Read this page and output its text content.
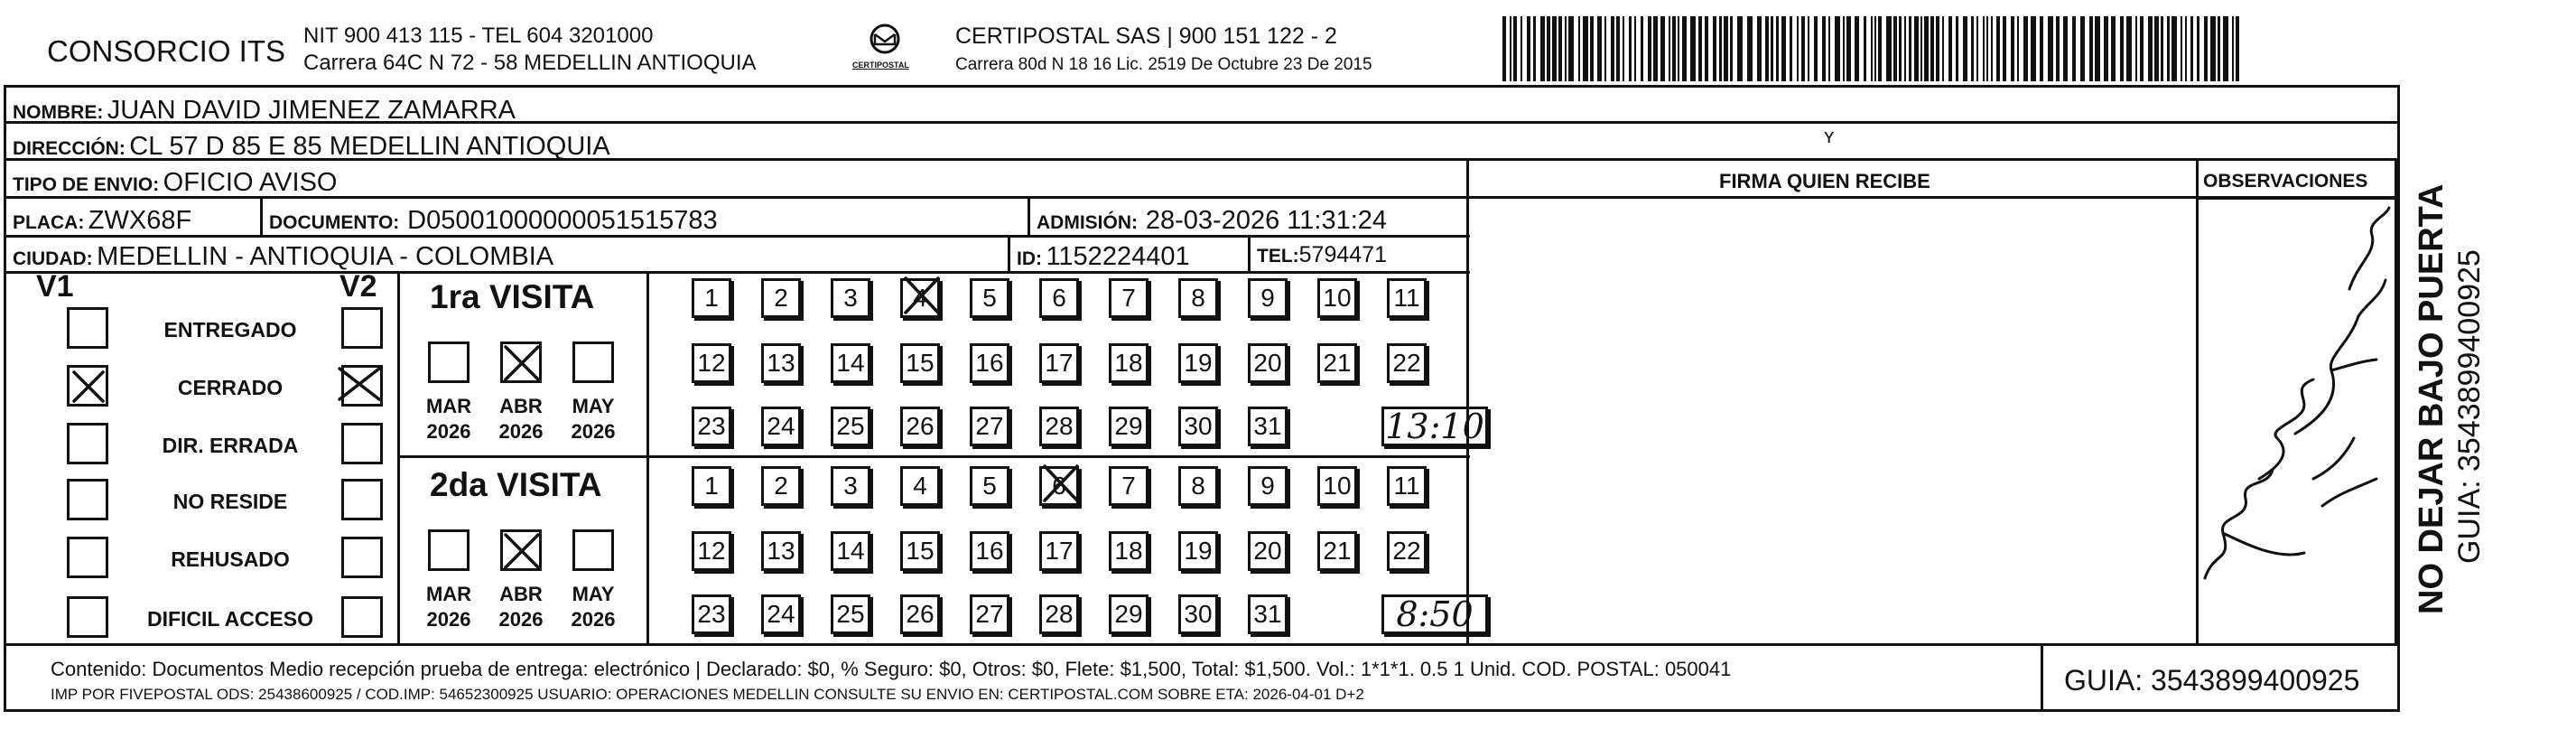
CONSORCIO ITS NIT 900 413 115 - TEL 604 3201000
Carrera 64C N 72 - 58 MEDELLIN ANTIOQUIA	CERTIPOSTAL
CERTIPOSTAL SAS | 900 151 122 - 2
Carrera 80d N 18 16 Lic. 2519 De Octubre 23 De 2015
NOMBRE: JUAN DAVID JIMENEZ ZAMARRA
DIRECCIÓN: CL 57 D 85 E 85 MEDELLIN ANTIOQUIA
TIPO DE ENVIO: OFICIO AVISO
PLACA: ZWX68F	DOCUMENTO: D05001000000051515783	ADMISIÓN: 28-03-2026 11:31:24
CIUDAD: MEDELLIN - ANTIOQUIA - COLOMBIA	ID: 1152224401	TEL:5794471
FIRMA QUIEN RECIBE	OBSERVACIONES
ʏ
V1	V2 1ra VISITA
2da VISITA
Contenido: Documentos Medio recepción prueba de entrega: electrónico | Declarado: $0, % Seguro: $0, Otros: $0, Flete: $1,500, Total: $1,500. Vol.: 1*1*1. 0.5 1 Unid. COD. POSTAL: 050041
IMP POR FIVEPOSTAL ODS: 25438600925 / COD.IMP: 54652300925 USUARIO: OPERACIONES MEDELLIN CONSULTE SU ENVIO EN: CERTIPOSTAL.COM SOBRE ETA: 2026-04-01 D+2	GUIA: 3543899400925
NO DEJAR BAJO PUERTA GUIA: 3543899400925
ENTREGADO
CERRADO
DIR. ERRADA
NO RESIDE
REHUSADO
DIFICIL ACCESO
MAR
2026
ABR
2026
MAY
2026
1	2	3	4	5	6	7	8	9	10 11
12 13 14 15 16 17 18 19 20 21 22
23 24 25 26 27 28 29 30 31	13:10
MAR
2026
ABR
2026
MAY
2026
1	2	3	4	5	6	7	8	9	10 11
12 13 14 15 16 17 18 19 20 21 22
23 24 25 26 27 28 29 30 31	8:50
